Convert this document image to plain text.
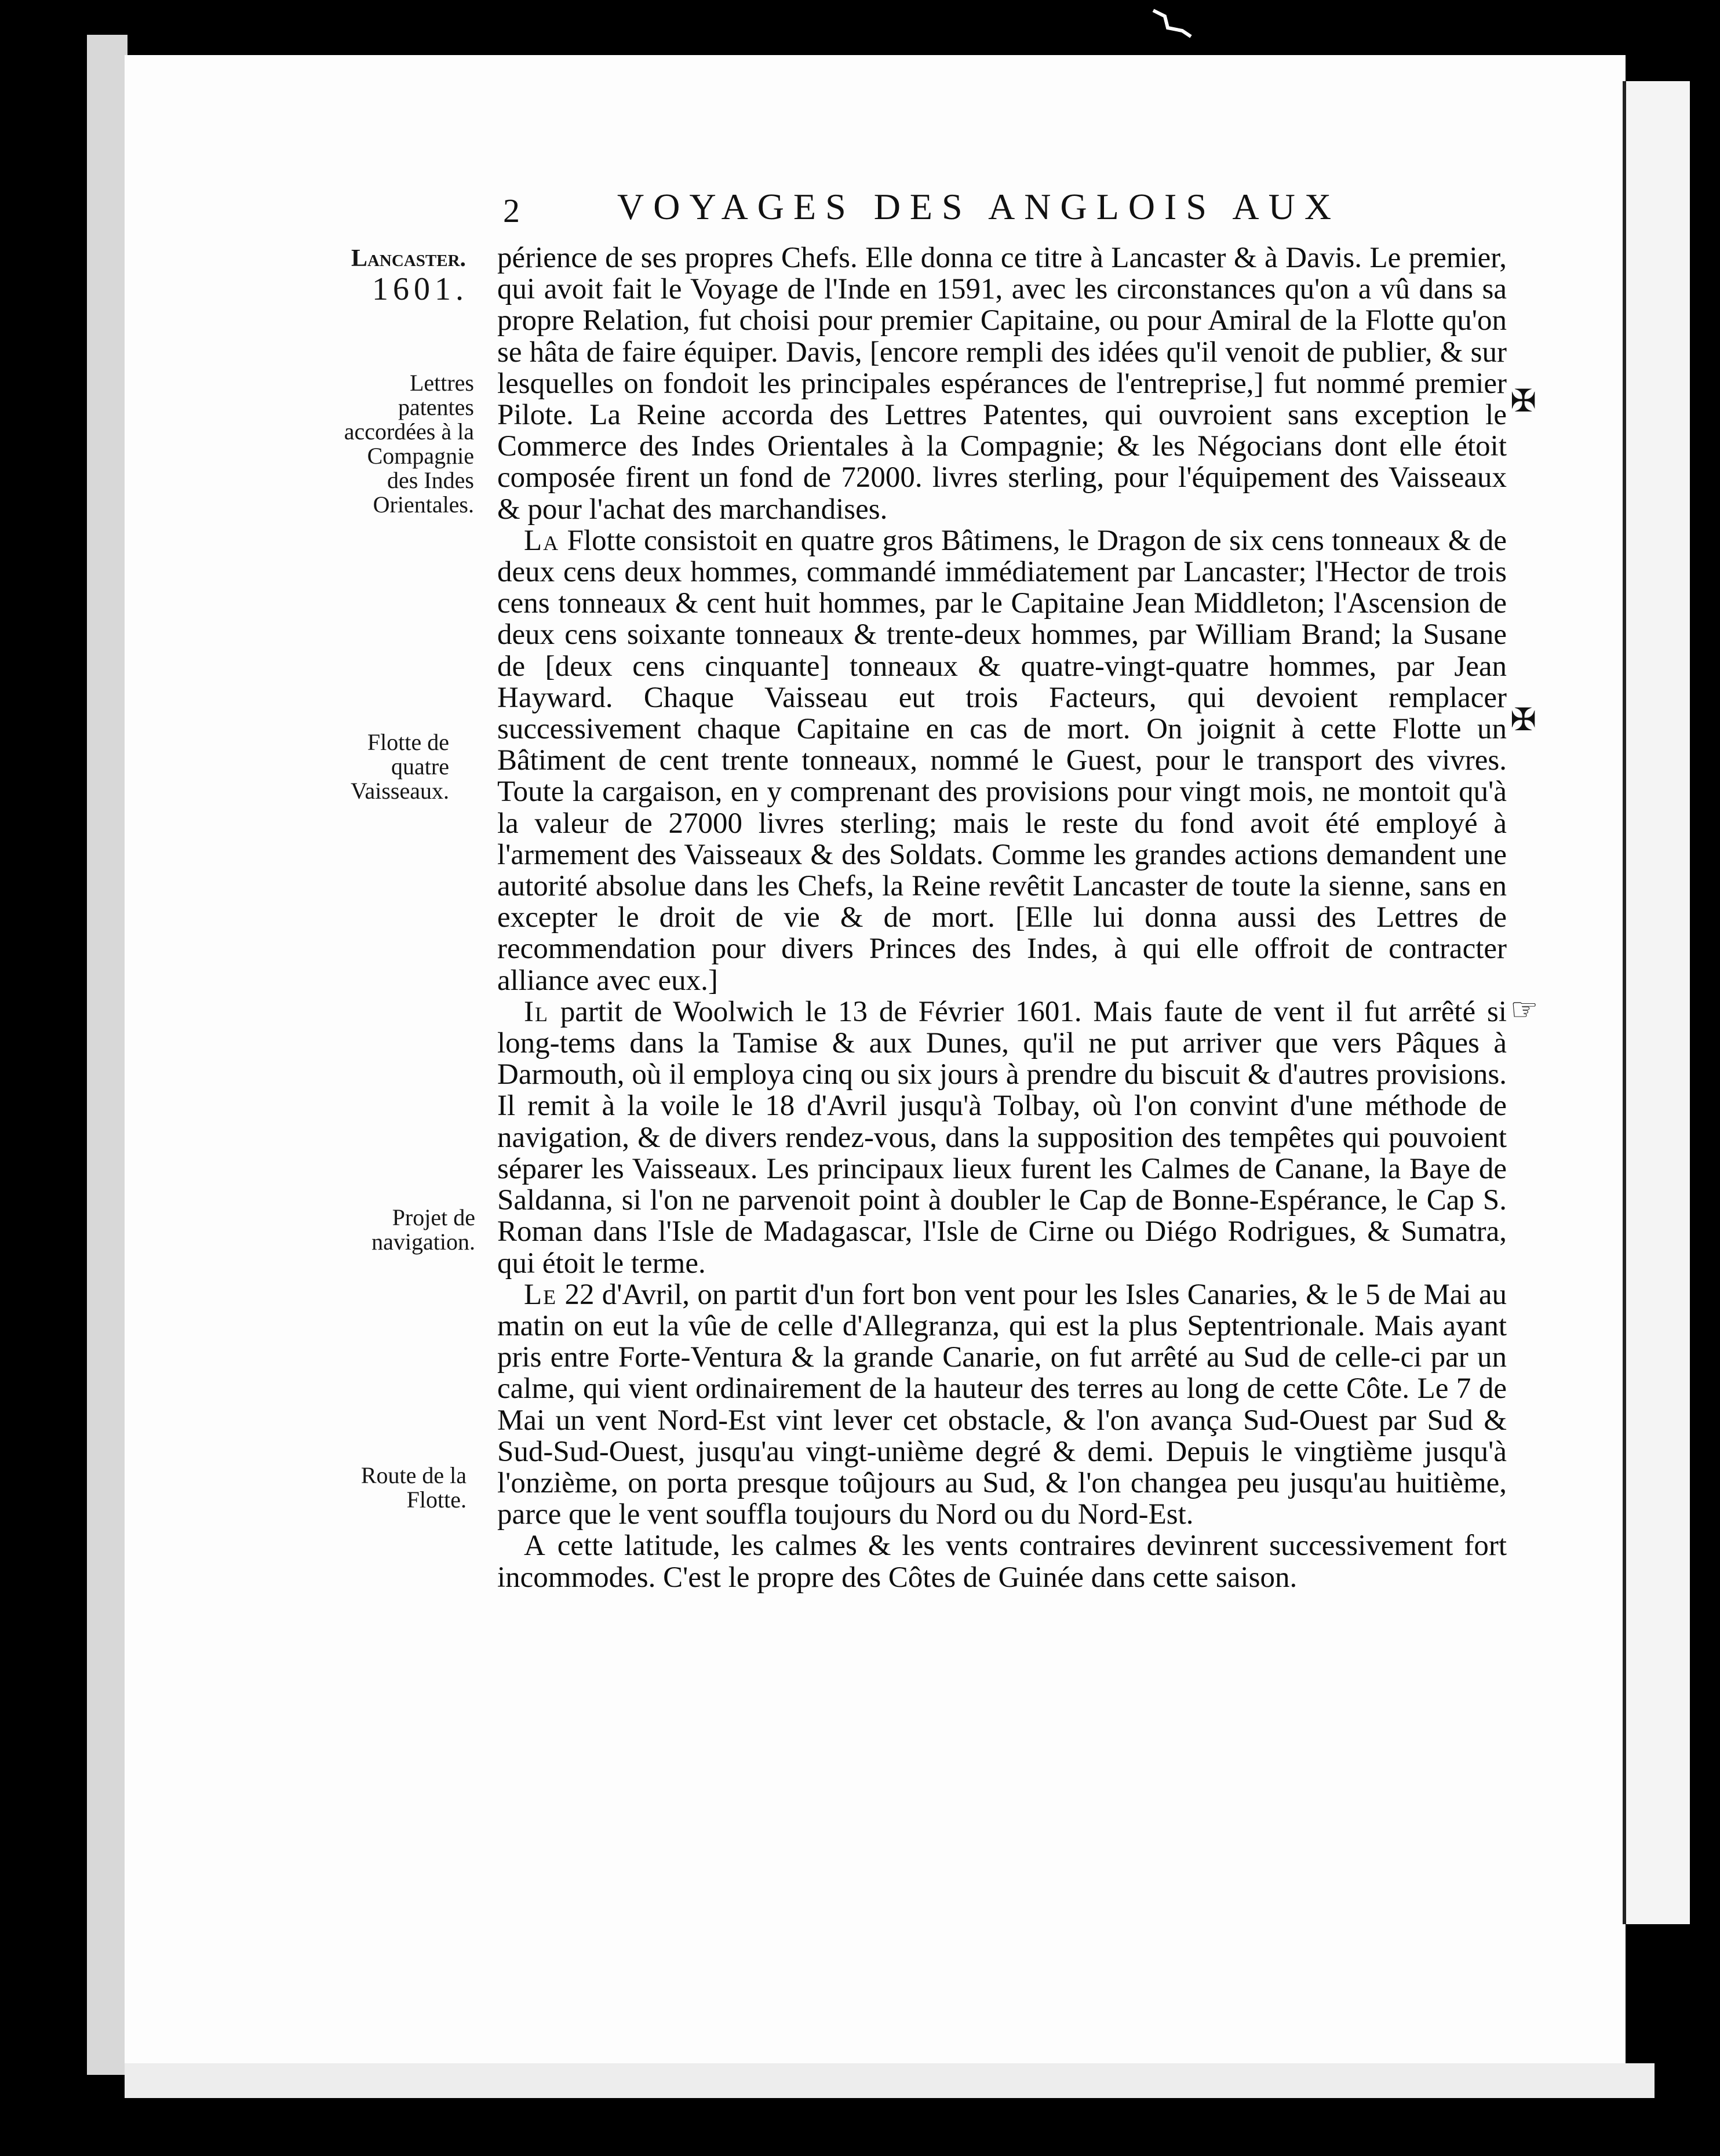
2	VOYAGES DES ANGLOIS AUX
Lancaster.
1601.
Lettres patentes accordées à la Compagnie des Indes Orientales.
Flotte de quatre Vaisseaux.
Projet de navigation.
Route de la Flotte.

périence de ses propres Chefs. Elle donna ce titre à Lancaster & à Davis. Le premier, qui avoit fait le Voyage de l'Inde en 1591, avec les circonstances qu'on a vû dans sa propre Relation, fut choisi pour premier Capitaine, ou pour Amiral de la Flotte qu'on se hâta de faire équiper. Davis, [encore rempli des idées qu'il venoit de publier, & sur lesquelles on fondoit les principales espérances de l'entreprise,] fut nommé premier Pilote. La Reine accorda des Lettres Patentes, qui ouvroient sans exception le Commerce des Indes Orientales à la Compagnie; & les Négocians dont elle étoit composée firent un fond de 72000. livres sterling, pour l'équipement des Vaisseaux & pour l'achat des marchandises.

La Flotte consistoit en quatre gros Bâtimens, le Dragon de six cens tonneaux & de deux cens deux hommes, commandé immédiatement par Lancaster; l'Hector de trois cens tonneaux & cent huit hommes, par le Capitaine Jean Middleton; l'Ascension de deux cens soixante tonneaux & trente-deux hommes, par William Brand; la Susane de [deux cens cinquante] tonneaux & quatre-vingt-quatre hommes, par Jean Hayward. Chaque Vaisseau eut trois Facteurs, qui devoient remplacer successivement chaque Capitaine en cas de mort. On joignit à cette Flotte un Bâtiment de cent trente tonneaux, nommé le Guest, pour le transport des vivres. Toute la cargaison, en y comprenant des provisions pour vingt mois, ne montoit qu'à la valeur de 27000 livres sterling; mais le reste du fond avoit été employé à l'armement des Vaisseaux & des Soldats. Comme les grandes actions demandent une autorité absolue dans les Chefs, la Reine revêtit Lancaster de toute la sienne, sans en excepter le droit de vie & de mort. [Elle lui donna aussi des Lettres de recommendation pour divers Princes des Indes, à qui elle offroit de contracter alliance avec eux.]

Il partit de Woolwich le 13 de Février 1601. Mais faute de vent il fut arrêté si long-tems dans la Tamise & aux Dunes, qu'il ne put arriver que vers Pâques à Darmouth, où il employa cinq ou six jours à prendre du biscuit & d'autres provisions. Il remit à la voile le 18 d'Avril jusqu'à Tolbay, où l'on convint d'une méthode de navigation, & de divers rendez-vous, dans la supposition des tempêtes qui pouvoient séparer les Vaisseaux. Les principaux lieux furent les Calmes de Canane, la Baye de Saldanna, si l'on ne parvenoit point à doubler le Cap de Bonne-Espérance, le Cap S. Roman dans l'Isle de Madagascar, l'Isle de Cirne ou Diégo Rodrigues, & Sumatra, qui étoit le terme.

Le 22 d'Avril, on partit d'un fort bon vent pour les Isles Canaries, & le 5 de Mai au matin on eut la vûe de celle d'Allegranza, qui est la plus Septentrionale. Mais ayant pris entre Forte-Ventura & la grande Canarie, on fut arrêté au Sud de celle-ci par un calme, qui vient ordinairement de la hauteur des terres au long de cette Côte. Le 7 de Mai un vent Nord-Est vint lever cet obstacle, & l'on avança Sud-Ouest par Sud & Sud-Sud-Ouest, jusqu'au vingt-unième degré & demi. Depuis le vingtième jusqu'à l'onzième, on porta presque toûjours au Sud, & l'on changea peu jusqu'au huitième, parce que le vent souffla toujours du Nord ou du Nord-Est.

A cette latitude, les calmes & les vents contraires devinrent successivement fort incommodes. C'est le propre des Côtes de Guinée dans cette saison.

✠
✠
☞
